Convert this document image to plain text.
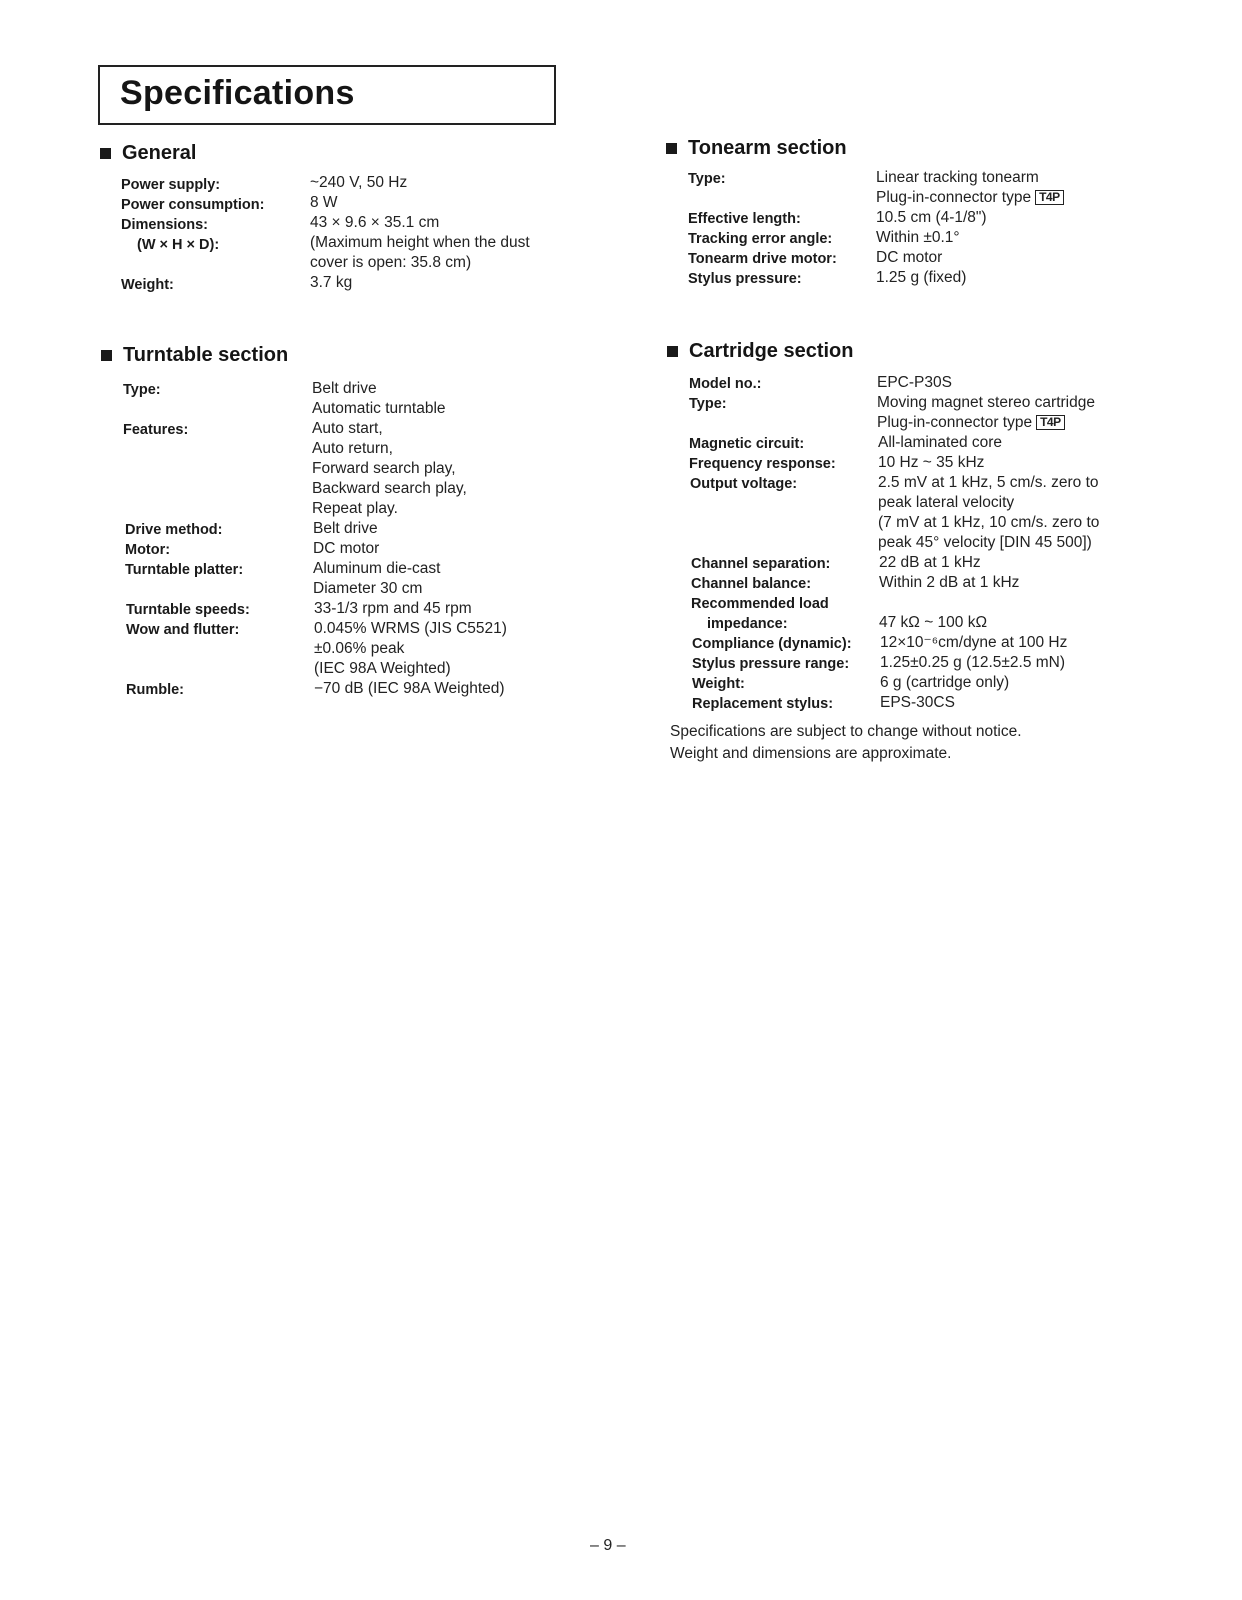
Specifications
General
Power supply:	~240 V, 50 Hz
Power consumption:	8 W
Dimensions:	43 × 9.6 × 35.1 cm
(W × H × D):	(Maximum height when the dust
cover is open: 35.8 cm)
Weight:	3.7 kg
Turntable section
Type:	Belt drive
Automatic turntable
Features:	Auto start,
Auto return,
Forward search play,
Backward search play,
Repeat play.
Drive method:	Belt drive
Motor:	DC motor
Turntable platter:	Aluminum die-cast
Diameter 30 cm
Turntable speeds:	33-1/3 rpm and 45 rpm
Wow and flutter:	0.045% WRMS (JIS C5521)
±0.06% peak
(IEC 98A Weighted)
Rumble:	−70 dB (IEC 98A Weighted)
Tonearm section
Type:	Linear tracking tonearm
Plug-in-connector type T4P
Effective length:	10.5 cm (4-1/8")
Tracking error angle:	Within ±0.1°
Tonearm drive motor:	DC motor
Stylus pressure:	1.25 g (fixed)
Cartridge section
Model no.:	EPC-P30S
Type:	Moving magnet stereo cartridge
Plug-in-connector type T4P
Magnetic circuit:	All-laminated core
Frequency response:	10 Hz ~ 35 kHz
Output voltage:	2.5 mV at 1 kHz, 5 cm/s. zero to
peak lateral velocity
(7 mV at 1 kHz, 10 cm/s. zero to
peak 45° velocity [DIN 45 500])
Channel separation:	22 dB at 1 kHz
Channel balance:	Within 2 dB at 1 kHz
Recommended load
impedance:	47 kΩ ~ 100 kΩ
Compliance (dynamic): 12×10⁻⁶cm/dyne at 100 Hz
Stylus pressure range: 1.25±0.25 g (12.5±2.5 mN)
Weight:	6 g (cartridge only)
Replacement stylus:	EPS-30CS
Specifications are subject to change without notice.
Weight and dimensions are approximate.
– 9 –
